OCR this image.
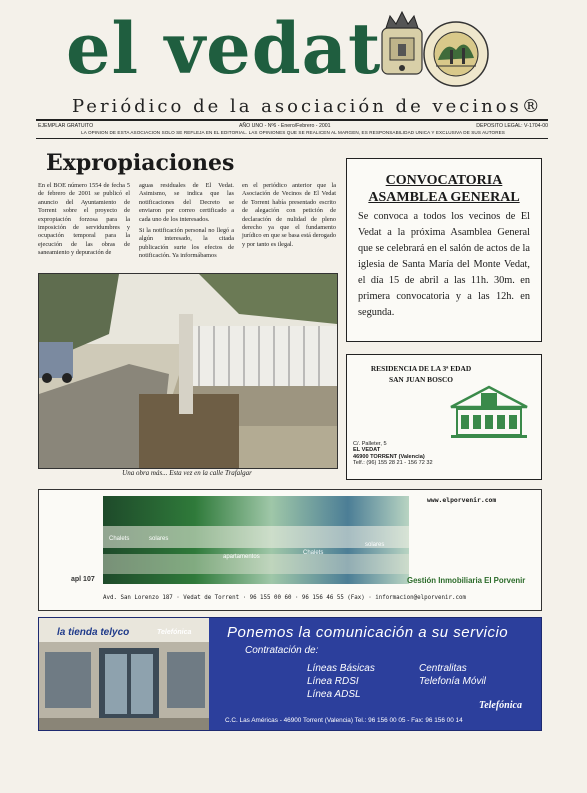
el vedat
Periódico de la asociación de vecinos®
EJEMPLAR GRATUITO	AÑO UNO - Nº6 - Enero/Febrero - 2001	DEPOSITO LEGAL: V-1704-00
LA OPINION DE ESTA ASOCIACION SOLO SE REFLEJA EN EL EDITORIAL. LAS OPINIONES QUE SE REALICEN AL MARGEN, ES RESPONSABILIDAD UNICA Y EXCLUSIVA DE SUS AUTORES
Expropiaciones

En el BOE número 1554 de fecha 5 de febrero de 2001 se publicó el anuncio del Ayuntamiento de Torrent sobre el proyecto de expropiación forzosa para la imposición de servidumbres y ocupación temporal para la ejecución de las obras de saneamiento y depuración de

aguas residuales de El Vedat. Asimismo, se indica que las notificaciones del Decreto se enviaron por correo certificado a cada uno de los interesados.

Si la notificación personal no llegó a algún interesado, la citada publicación surte los efectos de notificación. Ya informábamos

en el periódico anterior que la Asociación de Vecinos de El Vedat de Torrent había presentado escrito de alegación con petición de declaración de nulidad de pleno derecho ya que el fundamento jurídico en que se basa está derogado y por tanto es ilegal.

Una obra más... Esta vez en la calle Trafalgar
CONVOCATORIA
ASAMBLEA GENERAL
Se convoca a todos los vecinos de El Vedat a la próxima Asamblea General que se celebrará en el salón de actos de la iglesia de Santa María del Monte Vedat, el día 15 de abril a las 11h. 30m. en primera convocatoria y a las 12h. en segunda.
RESIDENCIA DE LA 3ª EDAD
SAN JUAN BOSCO
C/. Palleter, 5
EL VEDAT
46900 TORRENT (Valencia)
Telf.: (96) 155 28 21 - 156 72 32
www.elporvenir.com
Chalets	solares
apartamentos
Chalets
solares
apl 107	Gestión Inmobiliaria El Porvenir
Avd. San Lorenzo 187 · Vedat de Torrent · 96 155 00 60 · 96 156 46 55 (Fax) · informacion@elporvenir.com
la tienda telyco	Telefónica Ponemos la comunicación a su servicio
Contratación de:
Líneas Básicas
Línea RDSI
Línea ADSL
Centralitas
Telefonía Móvil
Telefónica
C.C. Las Américas - 46900 Torrent (Valencia) Tel.: 96 156 00 05 - Fax: 96 156 00 14
